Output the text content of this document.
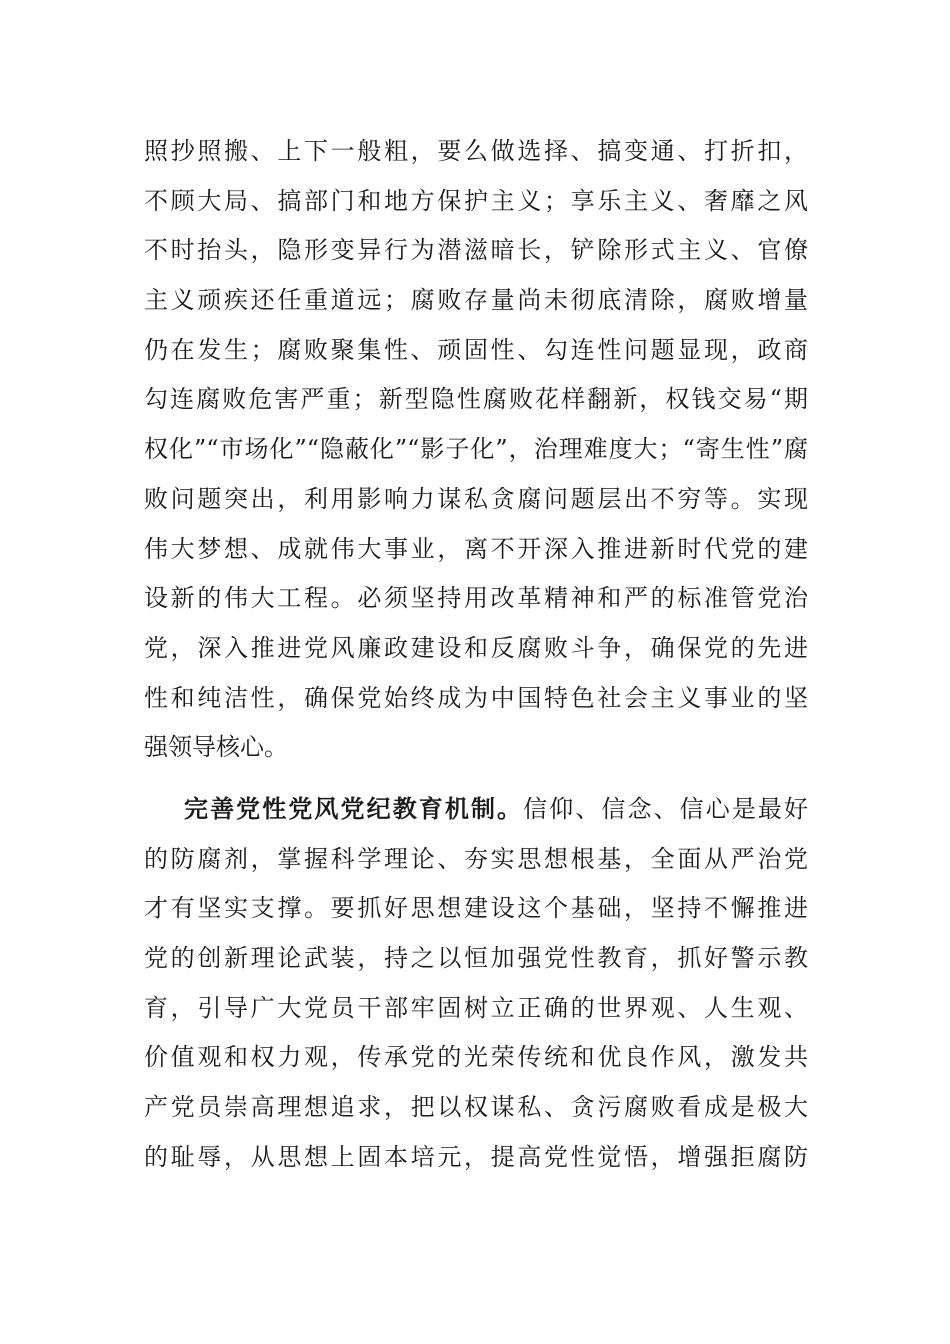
照抄照搬、上下一般粗，要么做选择、搞变通、打折扣，
不顾大局、搞部门和地方保护主义；享乐主义、奢靡之风
不时抬头，隐形变异行为潜滋暗长，铲除形式主义、官僚
主义顽疾还任重道远；腐败存量尚未彻底清除，腐败增量
仍在发生；腐败聚集性、顽固性、勾连性问题显现，政商
勾连腐败危害严重；新型隐性腐败花样翻新，权钱交易“期
权化”“市场化”“隐蔽化”“影子化”，治理难度大；“寄生性”腐
败问题突出，利用影响力谋私贪腐问题层出不穷等。实现
伟大梦想、成就伟大事业，离不开深入推进新时代党的建
设新的伟大工程。必须坚持用改革精神和严的标准管党治
党，深入推进党风廉政建设和反腐败斗争，确保党的先进
性和纯洁性，确保党始终成为中国特色社会主义事业的坚
强领导核心。
完善党性党风党纪教育机制。信仰、信念、信心是最好
的防腐剂，掌握科学理论、夯实思想根基，全面从严治党
才有坚实支撑。要抓好思想建设这个基础，坚持不懈推进
党的创新理论武装，持之以恒加强党性教育，抓好警示教
育，引导广大党员干部牢固树立正确的世界观、人生观、
价值观和权力观，传承党的光荣传统和优良作风，激发共
产党员崇高理想追求，把以权谋私、贪污腐败看成是极大
的耻辱，从思想上固本培元，提高党性觉悟，增强拒腐防
